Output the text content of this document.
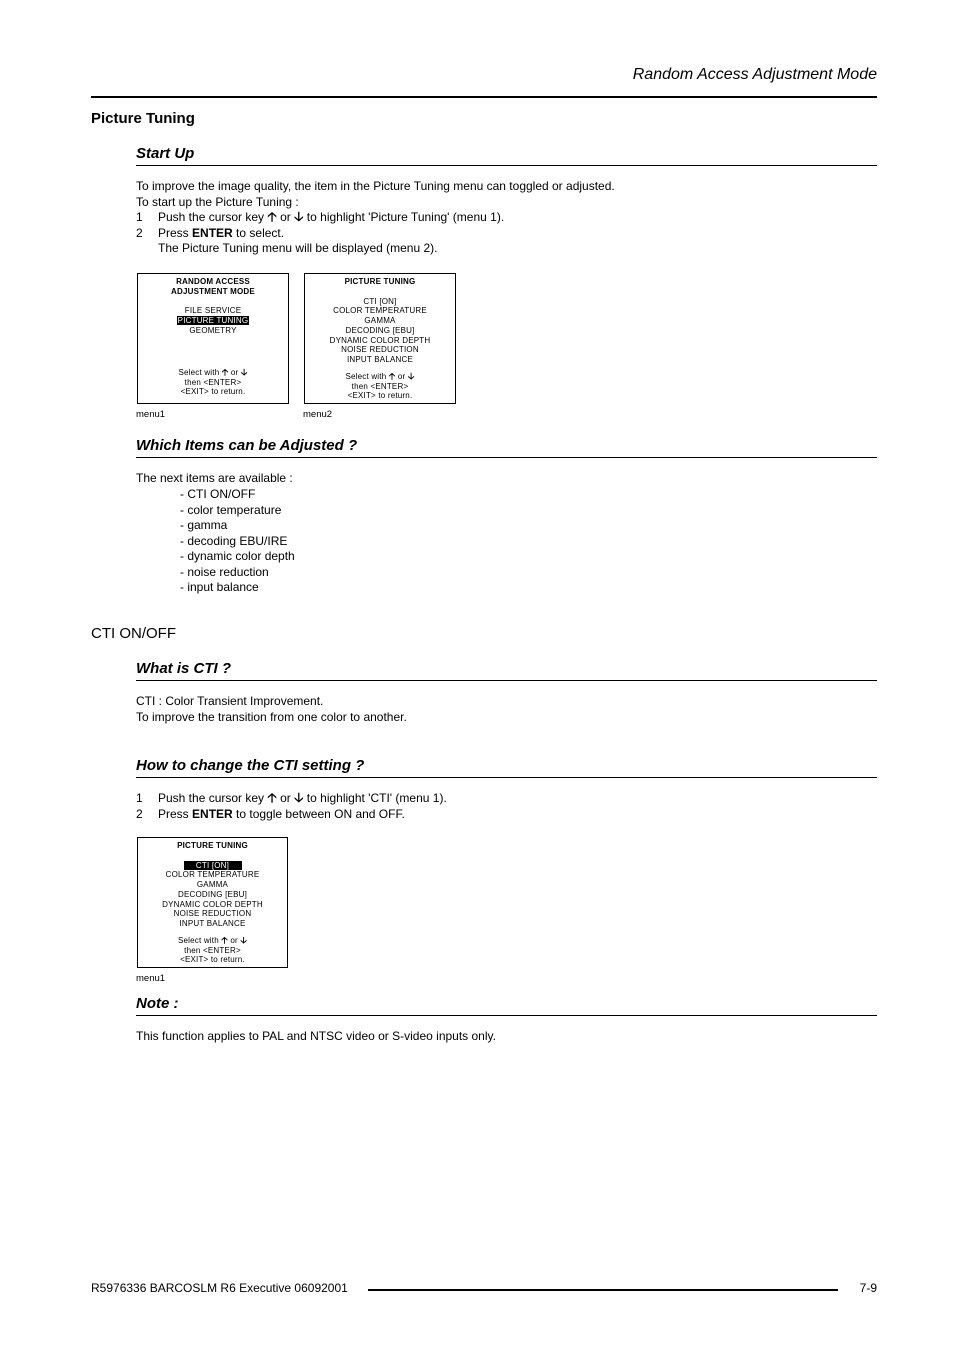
Random Access Adjustment Mode
Picture Tuning
Start Up
To improve the image quality, the item in the Picture Tuning menu can toggled or adjusted.
To start up the Picture Tuning :
1 Push the cursor key 🡡 or 🡣 to highlight 'Picture Tuning' (menu 1).
2 Press ENTER to select.
The Picture Tuning menu will be displayed (menu 2).
RANDOM ACCESS
ADJUSTMENT MODE
FILE SERVICE
PICTURE TUNING
GEOMETRY
Select with 🡡 or 🡣
then <ENTER>
<EXIT> to return.
menu1
PICTURE TUNING
CTI [ON]
COLOR TEMPERATURE
GAMMA
DECODING [EBU]
DYNAMIC COLOR DEPTH
NOISE REDUCTION
INPUT BALANCE
Select with 🡡 or 🡣
then <ENTER>
<EXIT> to return.
menu2
Which Items can be Adjusted ?
The next items are available :
- CTI ON/OFF
- color temperature
- gamma
- decoding EBU/IRE
- dynamic color depth
- noise reduction
- input balance
CTI ON/OFF
What is CTI ?
CTI : Color Transient Improvement.
To improve the transition from one color to another.
How to change the CTI setting ?
1 Push the cursor key 🡡 or 🡣 to highlight 'CTI' (menu 1).
2 Press ENTER to toggle between ON and OFF.
PICTURE TUNING
CTI [ON]
COLOR TEMPERATURE
GAMMA
DECODING [EBU]
DYNAMIC COLOR DEPTH
NOISE REDUCTION
INPUT BALANCE
Select with 🡡 or 🡣
then <ENTER>
<EXIT> to return.
menu1
Note :
This function applies to PAL and NTSC video or S-video inputs only.
R5976336 BARCOSLM R6 Executive 06092001	7-9
